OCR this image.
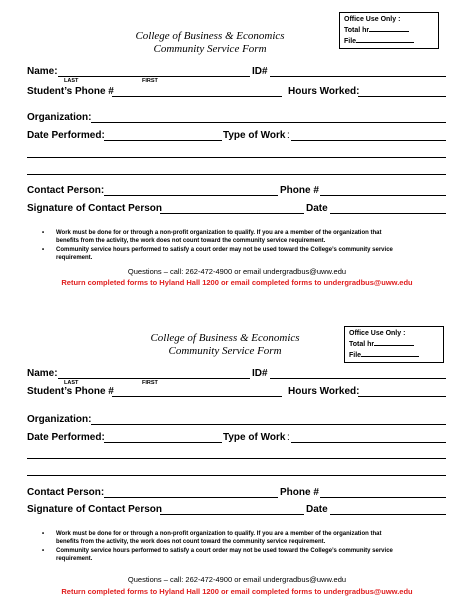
Office Use Only :
Total hr
File
College of Business & Economics
Community Service Form
Name:	ID#
LAST	FIRST
Student’s Phone #	Hours Worked:
Organization:
Date Performed:	Type of Work :
Contact Person:	Phone #
Signature of Contact Person	Date
• Work must be done for or through a non-profit organization to qualify. If you are a member of the organization that
benefits from the activity, the work does not count toward the community service requirement.
• Community service hours performed to satisfy a court order may not be used toward the College’s community service
requirement.
Questions – call: 262-472-4900 or email undergradbus@uww.edu
Return completed forms to Hyland Hall 1200 or email completed forms to undergradbus@uww.edu
Office Use Only :
Total hr
File
College of Business & Economics
Community Service Form
Name:	ID#
LAST	FIRST
Student’s Phone #	Hours Worked:
Organization:
Date Performed:	Type of Work :
Contact Person:	Phone #
Signature of Contact Person	Date
• Work must be done for or through a non-profit organization to qualify. If you are a member of the organization that
benefits from the activity, the work does not count toward the community service requirement.
• Community service hours performed to satisfy a court order may not be used toward the College’s community service
requirement.
Questions – call: 262-472-4900 or email undergradbus@uww.edu
Return completed forms to Hyland Hall 1200 or email completed forms to undergradbus@uww.edu
